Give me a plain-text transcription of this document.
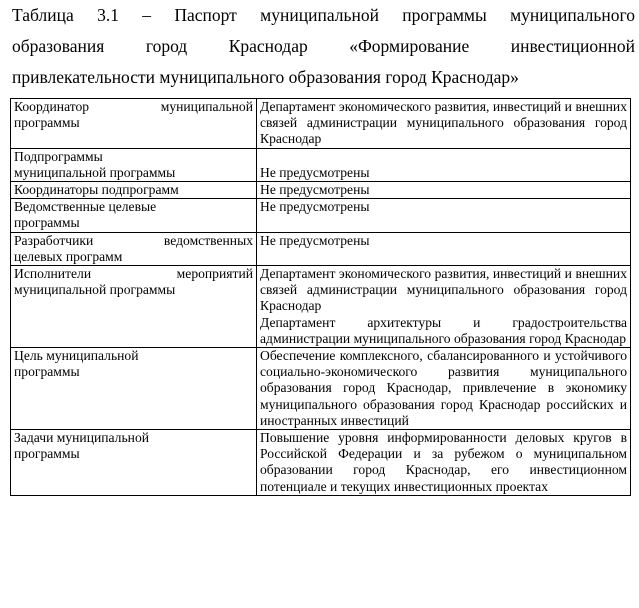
Таблица 3.1 – Паспорт муниципальной программы муниципального
образования город Краснодар «Формирование инвестиционной
привлекательности муниципального образования город Краснодар»
Координатор муниципальной
программы	Департамент экономического развития, инвестиций и внешних связей администрации муниципального образования город Краснодар

Подпрограммы
муниципальной программы	Не предусмотрены

Координаторы подпрограмм	Не предусмотрены

Ведомственные целевые
программы	Не предусмотрены

Разработчики ведомственных
целевых программ	Не предусмотрены

Исполнители мероприятий
муниципальной программы	Департамент экономического развития, инвестиций и внешних связей администрации муниципального образования город Краснодар
Департамент архитектуры и градостроительства администрации муниципального образования город Краснодар

Цель муниципальной
программы	Обеспечение комплексного, сбалансированного и устойчивого социально-экономического развития муниципального образования город Краснодар, привлечение в экономику муниципального образования город Краснодар российских и иностранных инвестиций

Задачи муниципальной
программы	Повышение уровня информированности деловых кругов в Российской Федерации и за рубежом о муниципальном образовании город Краснодар, его инвестиционном потенциале и текущих инвестиционных проектах
